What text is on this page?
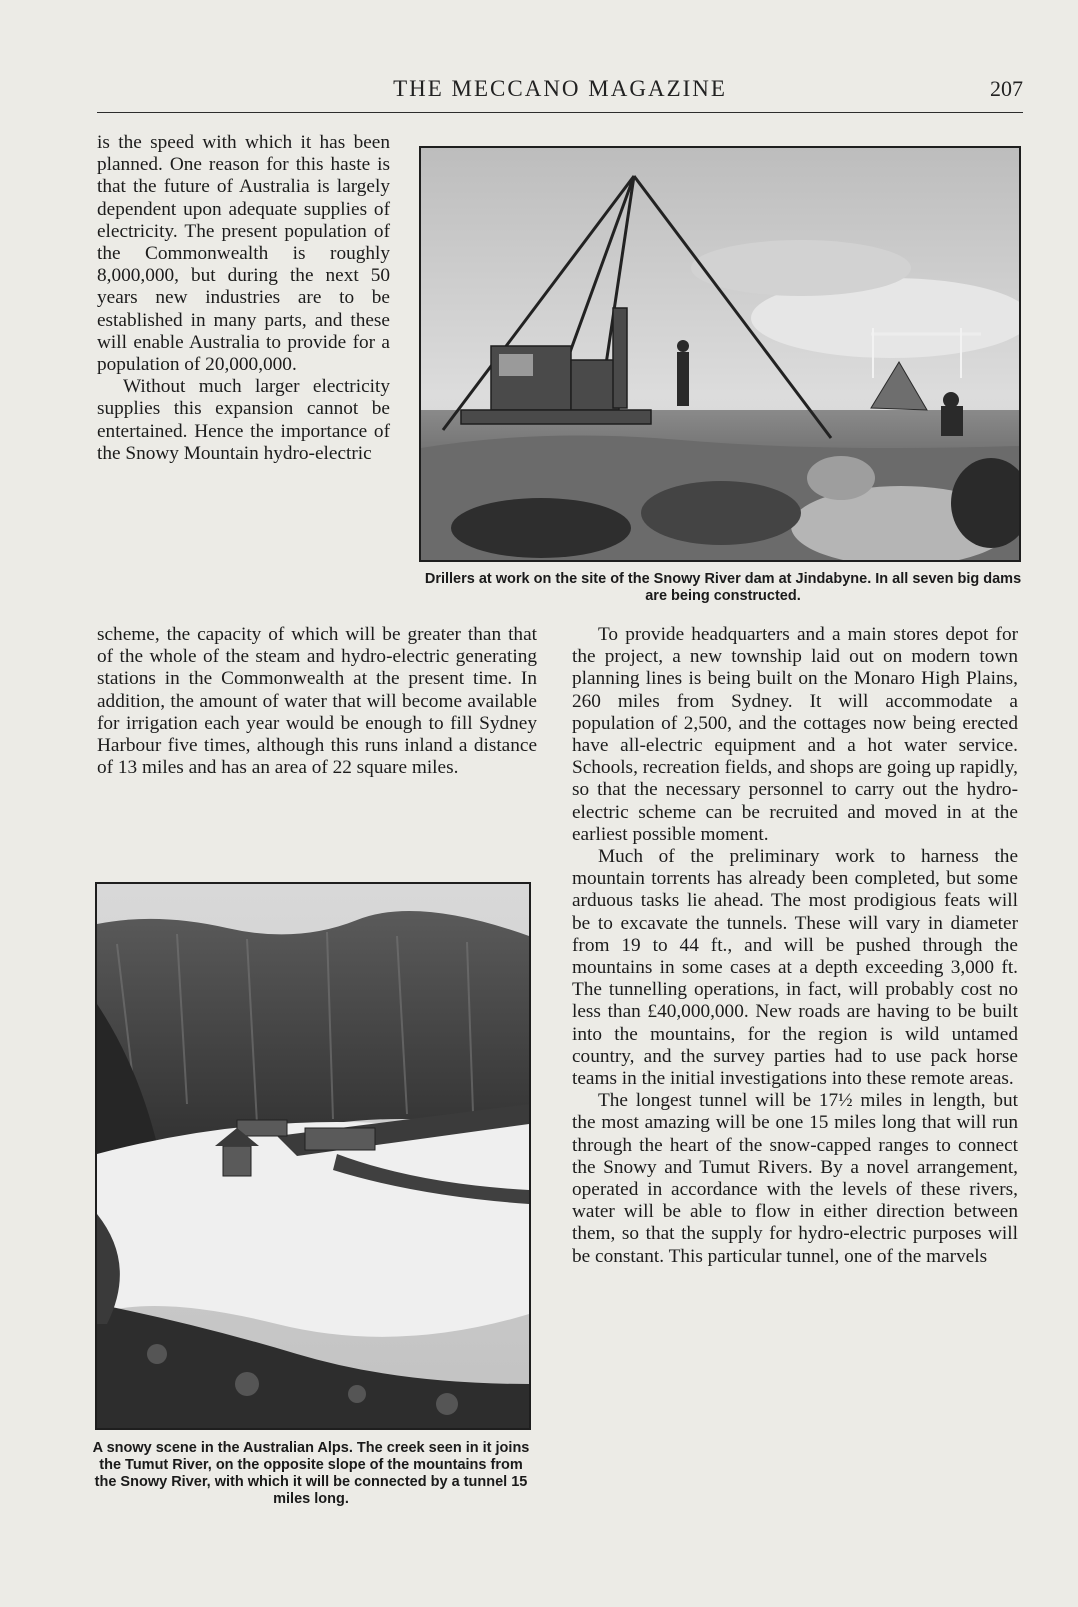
THE MECCANO MAGAZINE	207

is the speed with which it has been planned. One reason for this haste is that the future of Australia is largely dependent upon adequate supplies of electricity. The present population of the Commonwealth is roughly 8,000,000, but during the next 50 years new industries are to be established in many parts, and these will enable Australia to provide for a population of 20,000,000.

Without much larger electricity supplies this expansion cannot be entertained. Hence the importance of the Snowy Mountain hydro-electric

Drillers at work on the site of the Snowy River dam at Jindabyne. In all seven big dams are being constructed.

scheme, the capacity of which will be greater than that of the whole of the steam and hydro-electric generating stations in the Commonwealth at the present time. In addition, the amount of water that will become available for irrigation each year would be enough to fill Sydney Harbour five times, although this runs inland a distance of 13 miles and has an area of 22 square miles.

A snowy scene in the Australian Alps. The creek seen in it joins the Tumut River, on the opposite slope of the mountains from the Snowy River, with which it will be connected by a tunnel 15 miles long.

To provide headquarters and a main stores depot for the project, a new township laid out on modern town planning lines is being built on the Monaro High Plains, 260 miles from Sydney. It will accommodate a population of 2,500, and the cottages now being erected have all-electric equipment and a hot water service. Schools, recreation fields, and shops are going up rapidly, so that the necessary personnel to carry out the hydro-electric scheme can be recruited and moved in at the earliest possible moment.

Much of the preliminary work to harness the mountain torrents has already been completed, but some arduous tasks lie ahead. The most prodigious feats will be to excavate the tunnels. These will vary in diameter from 19 to 44 ft., and will be pushed through the mountains in some cases at a depth exceeding 3,000 ft. The tunnelling operations, in fact, will probably cost no less than £40,000,000. New roads are having to be built into the mountains, for the region is wild untamed country, and the survey parties had to use pack horse teams in the initial investigations into these remote areas.

The longest tunnel will be 17½ miles in length, but the most amazing will be one 15 miles long that will run through the heart of the snow-capped ranges to connect the Snowy and Tumut Rivers. By a novel arrangement, operated in accordance with the levels of these rivers, water will be able to flow in either direction between them, so that the supply for hydro-electric purposes will be constant. This particular tunnel, one of the marvels
